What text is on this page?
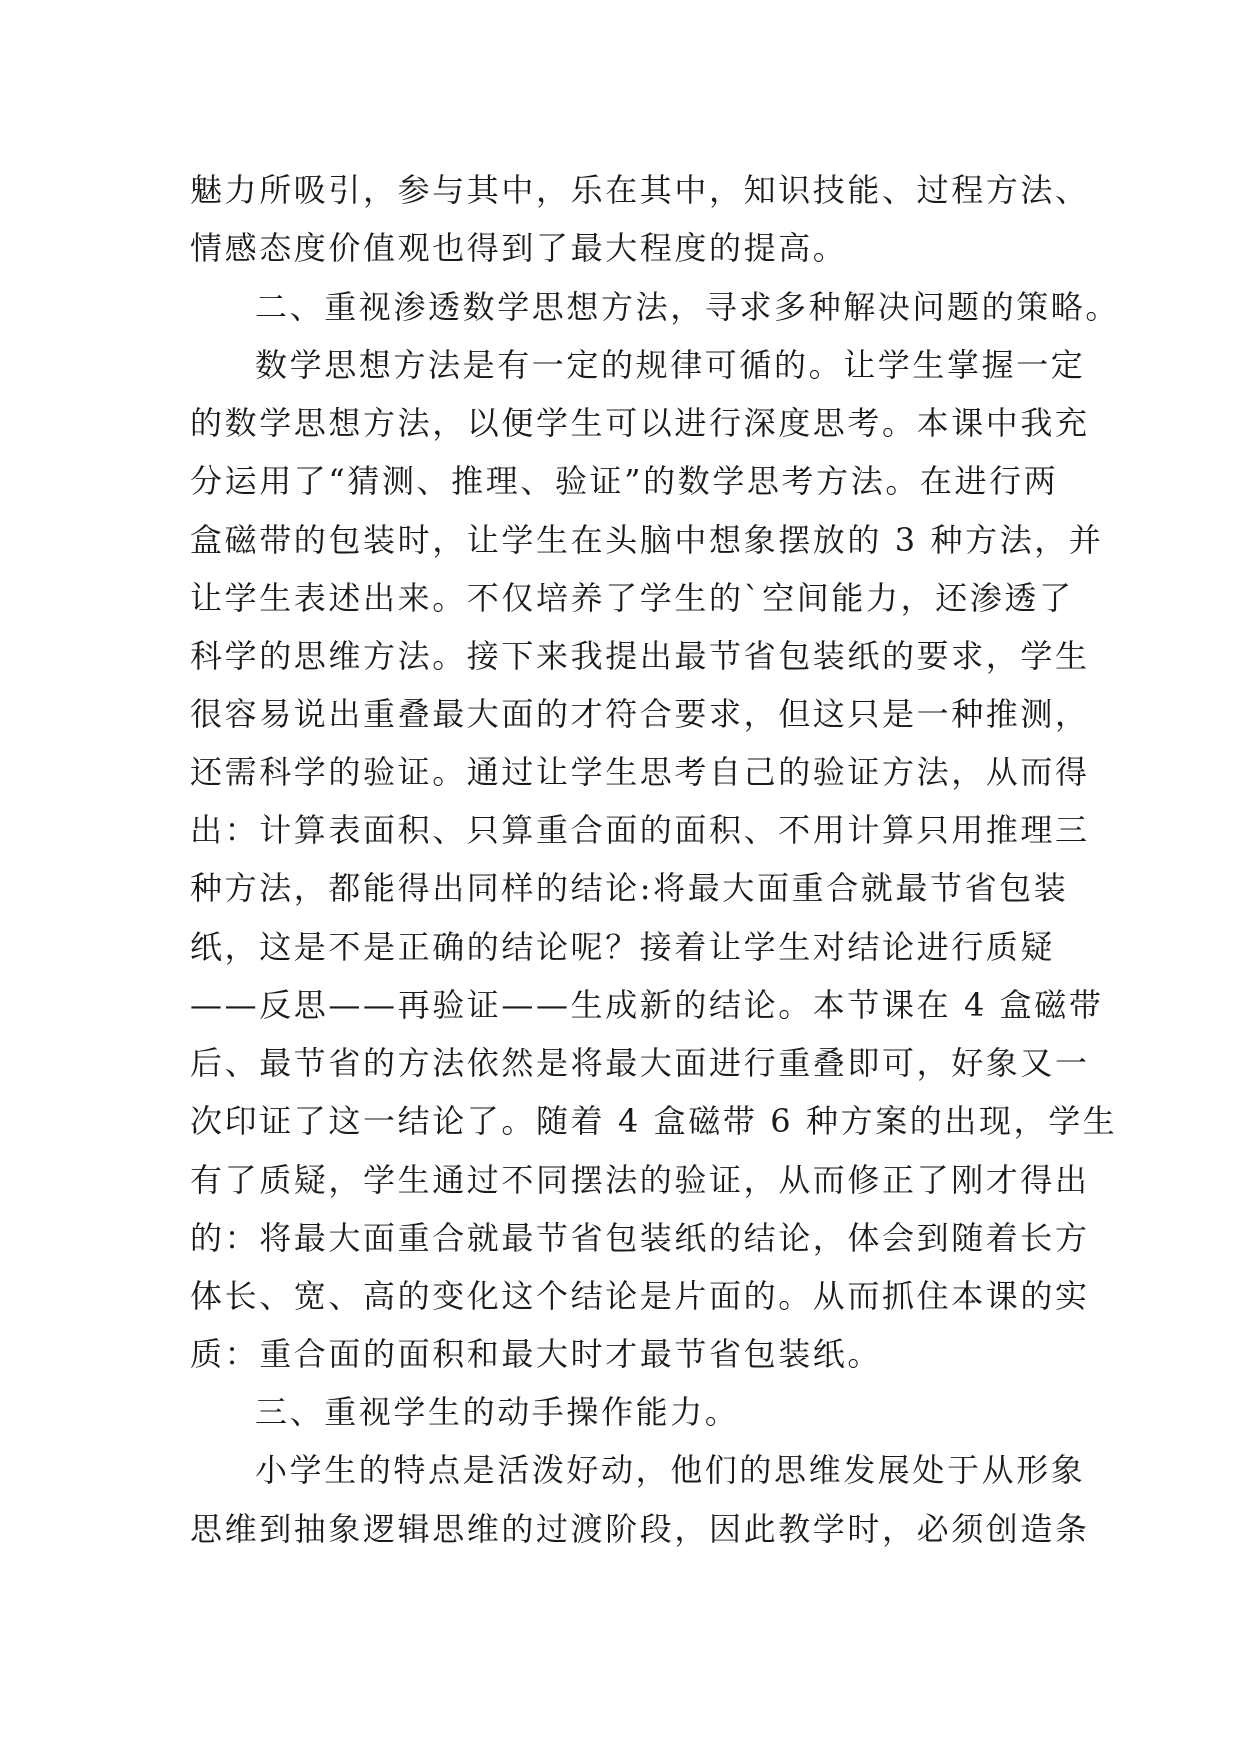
魅力所吸引，参与其中，乐在其中，知识技能、过程方法、
情感态度价值观也得到了最大程度的提高。
二、重视渗透数学思想方法，寻求多种解决问题的策略。
数学思想方法是有一定的规律可循的。让学生掌握一定
的数学思想方法，以便学生可以进行深度思考。本课中我充
分运用了“猜测、推理、验证”的数学思考方法。在进行两
盒磁带的包装时，让学生在头脑中想象摆放的 3 种方法，并
让学生表述出来。不仅培养了学生的`空间能力，还渗透了
科学的思维方法。接下来我提出最节省包装纸的要求，学生
很容易说出重叠最大面的才符合要求，但这只是一种推测，
还需科学的验证。通过让学生思考自己的验证方法，从而得
出：计算表面积、只算重合面的面积、不用计算只用推理三
种方法，都能得出同样的结论:将最大面重合就最节省包装
纸，这是不是正确的结论呢？接着让学生对结论进行质疑
——反思——再验证——生成新的结论。本节课在 4 盒磁带
后、最节省的方法依然是将最大面进行重叠即可，好象又一
次印证了这一结论了。随着 4 盒磁带 6 种方案的出现，学生
有了质疑，学生通过不同摆法的验证，从而修正了刚才得出
的：将最大面重合就最节省包装纸的结论，体会到随着长方
体长、宽、高的变化这个结论是片面的。从而抓住本课的实
质：重合面的面积和最大时才最节省包装纸。
三、重视学生的动手操作能力。
小学生的特点是活泼好动，他们的思维发展处于从形象
思维到抽象逻辑思维的过渡阶段，因此教学时，必须创造条
